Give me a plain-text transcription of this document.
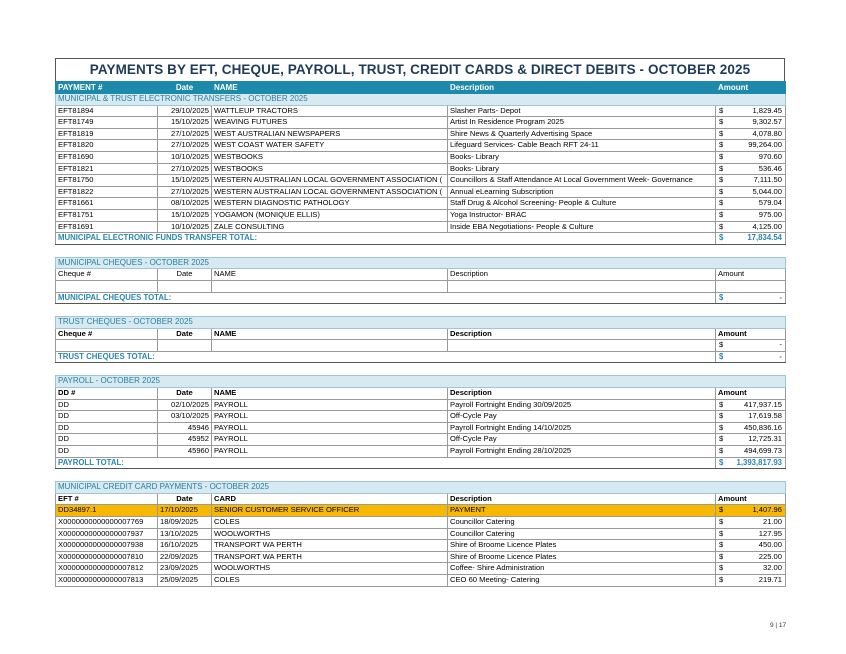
PAYMENTS BY EFT, CHEQUE, PAYROLL, TRUST, CREDIT CARDS & DIRECT DEBITS - OCTOBER 2025
PAYMENT #	Date	NAME	Description	Amount
MUNICIPAL & TRUST ELECTRONIC TRANSFERS - OCTOBER 2025				
EFT81894	29/10/2025	WATTLEUP TRACTORS	Slasher Parts- Depot	$ 1,829.45

EFT81749	15/10/2025	WEAVING FUTURES	Artist In Residence Program 2025	$ 9,302.57

EFT81819	27/10/2025	WEST AUSTRALIAN NEWSPAPERS	Shire News & Quarterly Advertising Space	$ 4,078.80

EFT81820	27/10/2025	WEST COAST WATER SAFETY	Lifeguard Services- Cable Beach RFT 24-11	$ 99,264.00

EFT81690	10/10/2025	WESTBOOKS	Books- Library	$ 970.60

EFT81821	27/10/2025	WESTBOOKS	Books- Library	$ 536.46

EFT81750	15/10/2025	WESTERN AUSTRALIAN LOCAL GOVERNMENT ASSOCIATION (	Councillors & Staff Attendance At Local Government Week- Governance	$ 7,111.50

EFT81822	27/10/2025	WESTERN AUSTRALIAN LOCAL GOVERNMENT ASSOCIATION (	Annual eLearning Subscription	$ 5,044.00

EFT81661	08/10/2025	WESTERN DIAGNOSTIC PATHOLOGY	Staff Drug & Alcohol Screening- People & Culture	$ 579.04

EFT81751	15/10/2025	YOGAMON (MONIQUE ELLIS)	Yoga Instructor- BRAC	$ 975.00

EFT81691	10/10/2025	ZALE CONSULTING	Inside EBA Negotiations- People & Culture	$ 4,125.00

MUNICIPAL ELECTRONIC FUNDS TRANSFER TOTAL:				$ 17,834.54
MUNICIPAL CHEQUES - OCTOBER 2025				
Cheque #	Date	NAME	Description	Amount

MUNICIPAL CHEQUES TOTAL:				$ -
TRUST CHEQUES - OCTOBER 2025				
Cheque #	Date	NAME	Description	Amount

				$ -

TRUST CHEQUES TOTAL:				$ -
PAYROLL - OCTOBER 2025				
DD #	Date	NAME	Description	Amount
DD	02/10/2025	PAYROLL	Payroll Fortnight Ending 30/09/2025	$ 417,937.15

DD	03/10/2025	PAYROLL	Off-Cycle Pay	$ 17,619.58

DD	45946	PAYROLL	Payroll Fortnight Ending 14/10/2025	$ 450,836.16

DD	45952	PAYROLL	Off-Cycle Pay	$ 12,725.31

DD	45960	PAYROLL	Payroll Fortnight Ending 28/10/2025	$ 494,699.73

PAYROLL TOTAL:				$ 1,393,817.93
MUNICIPAL CREDIT CARD PAYMENTS - OCTOBER 2025				
EFT #	Date	CARD	Description	Amount
DD34897.1	17/10/2025	SENIOR CUSTOMER SERVICE OFFICER	PAYMENT	$ 1,407.96

X0000000000000007769	18/09/2025	COLES	Councillor Catering	$ 21.00

X0000000000000007937	13/10/2025	WOOLWORTHS	Councillor Catering	$ 127.95

X0000000000000007938	16/10/2025	TRANSPORT WA PERTH	Shire of Broome Licence Plates	$ 450.00

X0000000000000007810	22/09/2025	TRANSPORT WA PERTH	Shire of Broome Licence Plates	$ 225.00

X0000000000000007812	23/09/2025	WOOLWORTHS	Coffee- Shire Administration	$ 32.00

X0000000000000007813	25/09/2025	COLES	CEO 60 Meeting- Catering	$ 219.71
9 | 17
